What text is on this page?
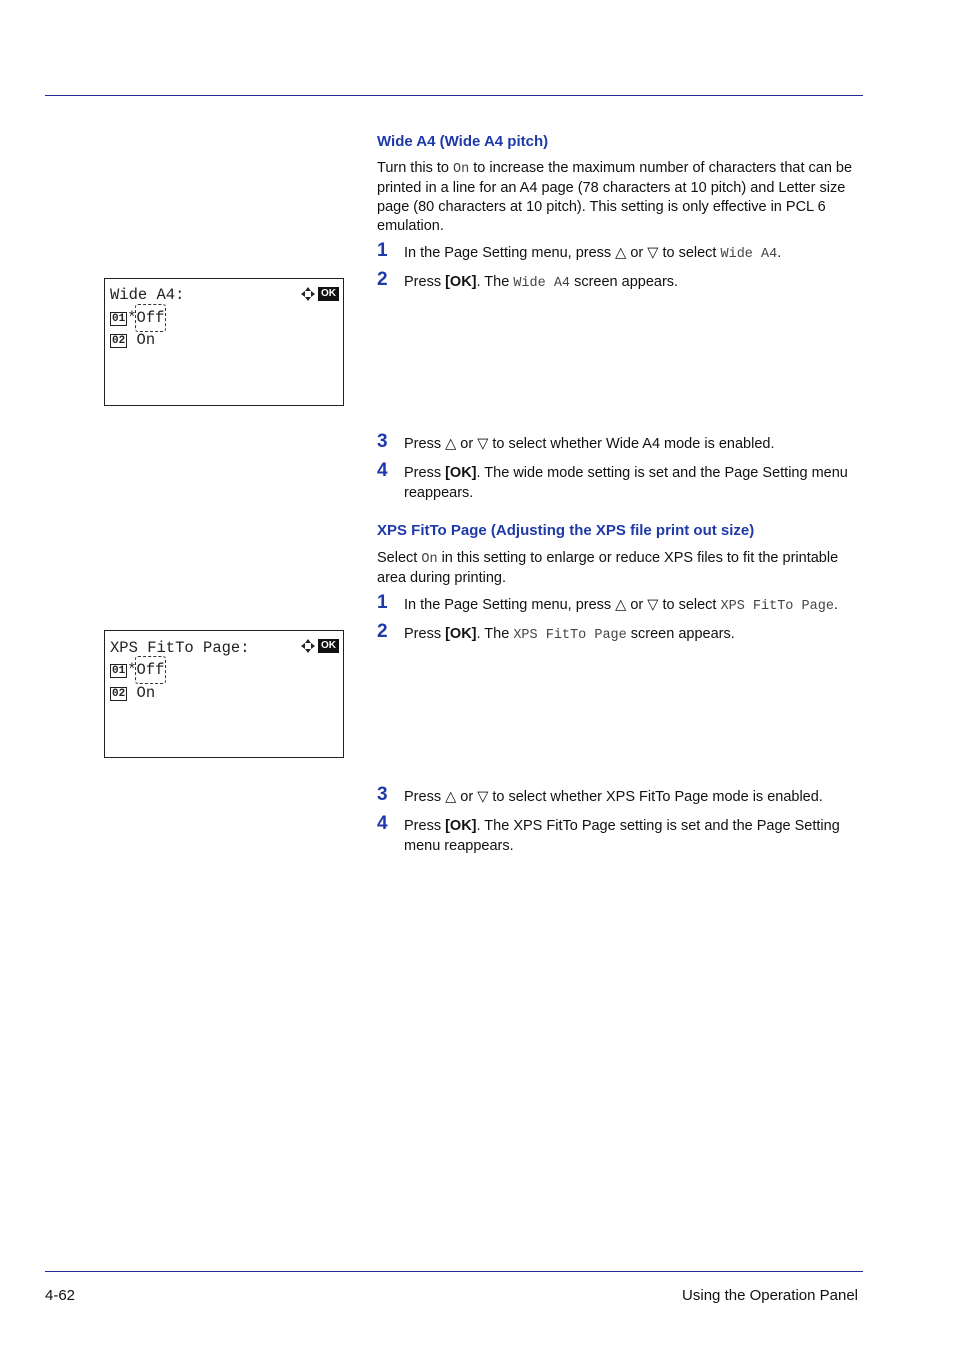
Wide A4 (Wide A4 pitch)
Turn this to On to increase the maximum number of characters that can be printed in a line for an A4 page (78 characters at 10 pitch) and Letter size page (80 characters at 10 pitch). This setting is only effective in PCL 6 emulation.
1 In the Page Setting menu, press △ or ▽ to select Wide A4.
2 Press [OK]. The Wide A4 screen appears.
Wide A4:	OK
01 *Off
02 On
3 Press △ or ▽ to select whether Wide A4 mode is enabled.
4 Press [OK]. The wide mode setting is set and the Page Setting menu reappears.
XPS FitTo Page (Adjusting the XPS file print out size)
Select On in this setting to enlarge or reduce XPS files to fit the printable area during printing.
1 In the Page Setting menu, press △ or ▽ to select XPS FitTo Page.
2 Press [OK]. The XPS FitTo Page screen appears.
XPS FitTo Page:	OK
01 *Off
02 On
3 Press △ or ▽ to select whether XPS FitTo Page mode is enabled.
4 Press [OK]. The XPS FitTo Page setting is set and the Page Setting menu reappears.
4-62	Using the Operation Panel
